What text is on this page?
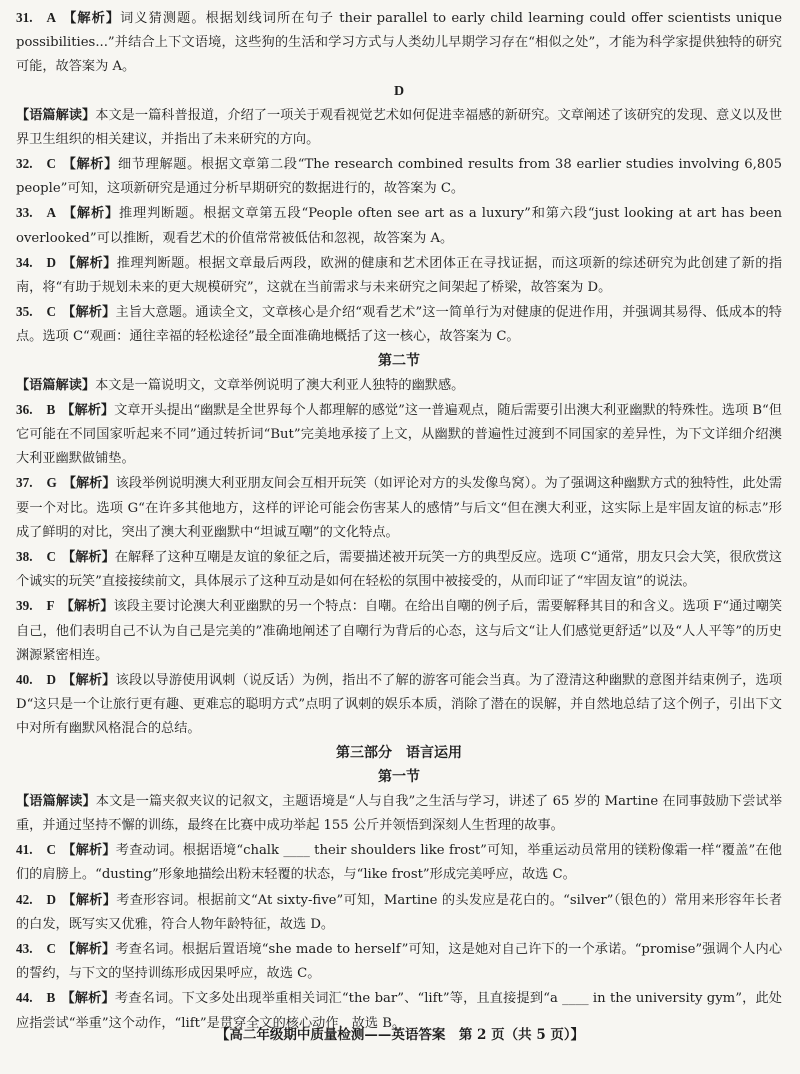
31. A 【解析】词义猜测题。根据划线词所在句子 their parallel to early child learning could offer scientists unique possibilities...”并结合上下文语境，这些狗的生活和学习方式与人类幼儿早期学习存在“相似之处”，才能为科学家提供独特的研究可能，故答案为 A。
D
【语篇解读】本文是一篇科普报道，介绍了一项关于观看视觉艺术如何促进幸福感的新研究。文章阐述了该研究的发现、意义以及世界卫生组织的相关建议，并指出了未来研究的方向。
32. C 【解析】细节理解题。根据文章第二段“The research combined results from 38 earlier studies involving 6,805 people”可知，这项新研究是通过分析早期研究的数据进行的，故答案为 C。
33. A 【解析】推理判断题。根据文章第五段“People often see art as a luxury”和第六段“just looking at art has been overlooked”可以推断，观看艺术的价值常常被低估和忽视，故答案为 A。
34. D 【解析】推理判断题。根据文章最后两段，欧洲的健康和艺术团体正在寻找证据，而这项新的综述研究为此创建了新的指南，将“有助于规划未来的更大规模研究”，这就在当前需求与未来研究之间架起了桥梁，故答案为 D。
35. C 【解析】主旨大意题。通读全文，文章核心是介绍“观看艺术”这一简单行为对健康的促进作用，并强调其易得、低成本的特点。选项 C“观画：通往幸福的轻松途径”最全面准确地概括了这一核心，故答案为 C。
第二节
【语篇解读】本文是一篇说明文，文章举例说明了澳大利亚人独特的幽默感。
36. B 【解析】文章开头提出“幽默是全世界每个人都理解的感觉”这一普遍观点，随后需要引出澳大利亚幽默的特殊性。选项 B“但它可能在不同国家听起来不同”通过转折词“But”完美地承接了上文，从幽默的普遍性过渡到不同国家的差异性，为下文详细介绍澳大利亚幽默做铺垫。
37. G 【解析】该段举例说明澳大利亚朋友间会互相开玩笑（如评论对方的头发像鸟窝）。为了强调这种幽默方式的独特性，此处需要一个对比。选项 G“在许多其他地方，这样的评论可能会伤害某人的感情”与后文“但在澳大利亚，这实际上是牢固友谊的标志”形成了鲜明的对比，突出了澳大利亚幽默中“坦诚互嘲”的文化特点。
38. C 【解析】在解释了这种互嘲是友谊的象征之后，需要描述被开玩笑一方的典型反应。选项 C“通常，朋友只会大笑，很欣赏这个诚实的玩笑”直接接续前文，具体展示了这种互动是如何在轻松的氛围中被接受的，从而印证了“牢固友谊”的说法。
39. F 【解析】该段主要讨论澳大利亚幽默的另一个特点：自嘲。在给出自嘲的例子后，需要解释其目的和含义。选项 F“通过嘲笑自己，他们表明自己不认为自己是完美的”准确地阐述了自嘲行为背后的心态，这与后文“让人们感觉更舒适”以及“人人平等”的历史渊源紧密相连。
40. D 【解析】该段以导游使用讽刺（说反话）为例，指出不了解的游客可能会当真。为了澄清这种幽默的意图并结束例子，选项 D“这只是一个让旅行更有趣、更难忘的聪明方式”点明了讽刺的娱乐本质，消除了潜在的误解，并自然地总结了这个例子，引出下文中对所有幽默风格混合的总结。
第三部分　语言运用
第一节
【语篇解读】本文是一篇夹叙夹议的记叙文，主题语境是“人与自我”之生活与学习，讲述了 65 岁的 Martine 在同事鼓励下尝试举重，并通过坚持不懈的训练，最终在比赛中成功举起 155 公斤并领悟到深刻人生哲理的故事。
41. C 【解析】考查动词。根据语境“chalk ____ their shoulders like frost”可知，举重运动员常用的镁粉像霜一样“覆盖”在他们的肩膀上。“dusting”形象地描绘出粉末轻覆的状态，与“like frost”形成完美呼应，故选 C。
42. D 【解析】考查形容词。根据前文“At sixty-five”可知，Martine 的头发应是花白的。“silver”（银色的）常用来形容年长者的白发，既写实又优雅，符合人物年龄特征，故选 D。
43. C 【解析】考查名词。根据后置语境“she made to herself”可知，这是她对自己许下的一个承诺。“promise”强调个人内心的誓约，与下文的坚持训练形成因果呼应，故选 C。
44. B 【解析】考查名词。下文多处出现举重相关词汇“the bar”、“lift”等，且直接提到“a ____ in the university gym”，此处应指尝试“举重”这个动作，“lift”是贯穿全文的核心动作，故选 B。
【高二年级期中质量检测——英语答案　第 2 页（共 5 页）】
